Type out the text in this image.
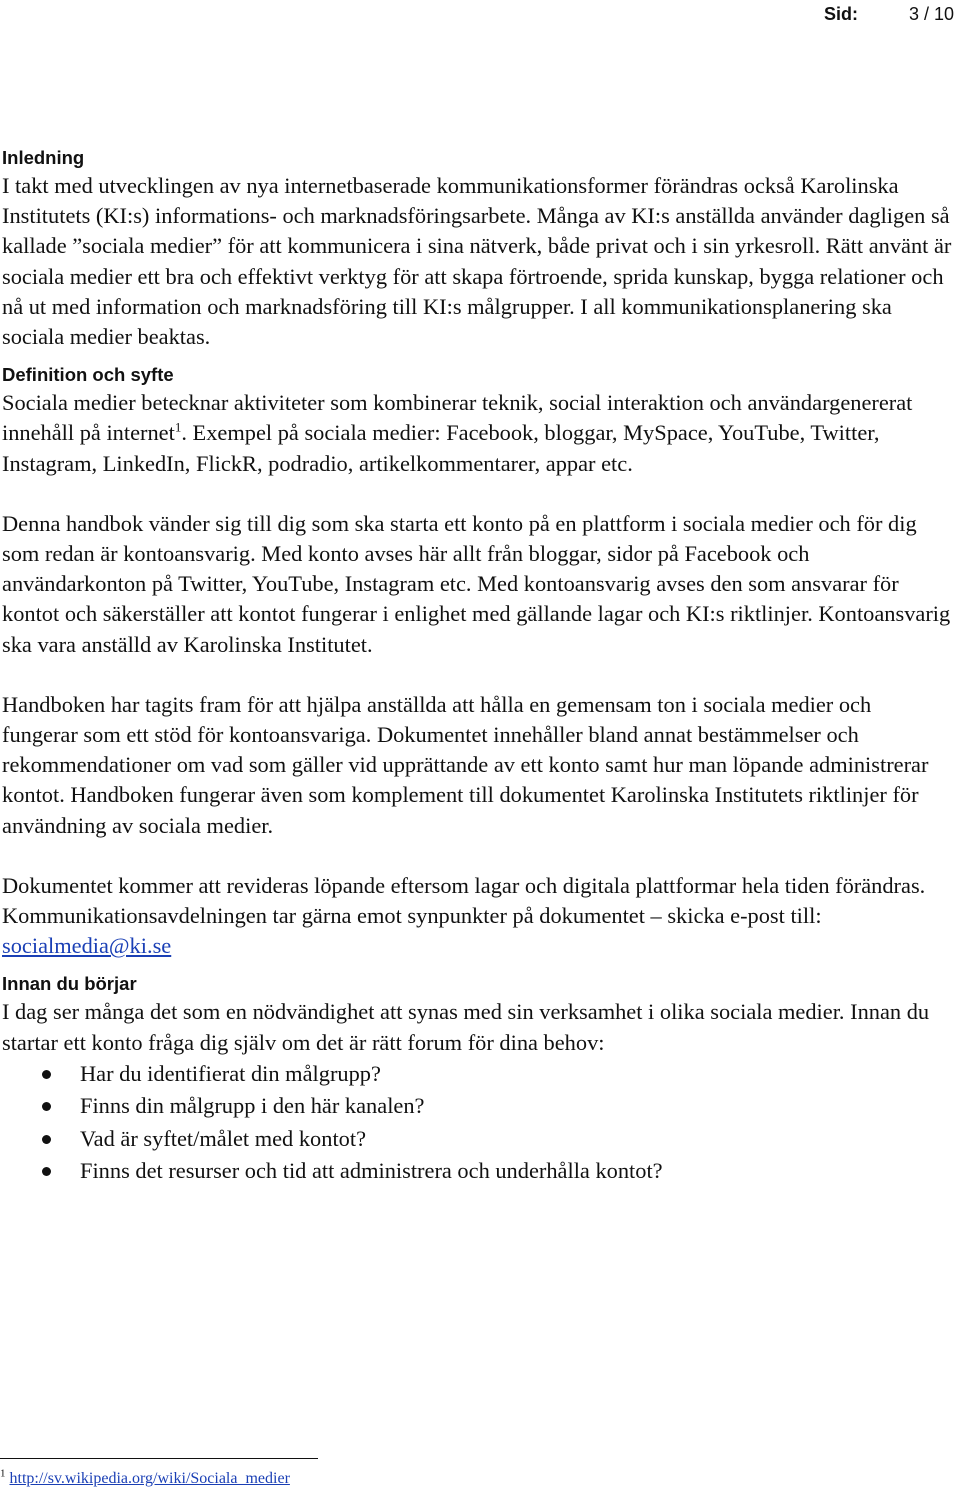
Sid:	3 / 10
Inledning

I takt med utvecklingen av nya internetbaserade kommunikationsformer förändras också Karolinska Institutets (KI:s) informations- och marknadsföringsarbete. Många av KI:s anställda använder dagligen så kallade ”sociala medier” för att kommunicera i sina nätverk, både privat och i sin yrkesroll. Rätt använt är sociala medier ett bra och effektivt verktyg för att skapa förtroende, sprida kunskap, bygga relationer och nå ut med information och marknadsföring till KI:s målgrupper. I all kommunikationsplanering ska sociala medier beaktas.

Definition och syfte

Sociala medier betecknar aktiviteter som kombinerar teknik, social interaktion och användargenererat innehåll på internet$^1$. Exempel på sociala medier: Facebook, bloggar, MySpace, YouTube, Twitter, Instagram, LinkedIn, FlickR, podradio, artikelkommentarer, appar etc.

Denna handbok vänder sig till dig som ska starta ett konto på en plattform i sociala medier och för dig som redan är kontoansvarig. Med konto avses här allt från bloggar, sidor på Facebook och användarkonton på Twitter, YouTube, Instagram etc. Med kontoansvarig avses den som ansvarar för kontot och säkerställer att kontot fungerar i enlighet med gällande lagar och KI:s riktlinjer. Kontoansvarig ska vara anställd av Karolinska Institutet.

Handboken har tagits fram för att hjälpa anställda att hålla en gemensam ton i sociala medier och fungerar som ett stöd för kontoansvariga. Dokumentet innehåller bland annat bestämmelser och rekommendationer om vad som gäller vid upprättande av ett konto samt hur man löpande administrerar kontot. Handboken fungerar även som komplement till dokumentet Karolinska Institutets riktlinjer för användning av sociala medier.

Dokumentet kommer att revideras löpande eftersom lagar och digitala plattformar hela tiden förändras. Kommunikationsavdelningen tar gärna emot synpunkter på dokumentet – skicka e-post till: socialmedia@ki.se

Innan du börjar

I dag ser många det som en nödvändighet att synas med sin verksamhet i olika sociala medier. Innan du startar ett konto fråga dig själv om det är rätt forum för dina behov:

Har du identifierat din målgrupp?
Finns din målgrupp i den här kanalen?
Vad är syftet/målet med kontot?
Finns det resurser och tid att administrera och underhålla kontot?
$^1$ http://sv.wikipedia.org/wiki/Sociala_medier
